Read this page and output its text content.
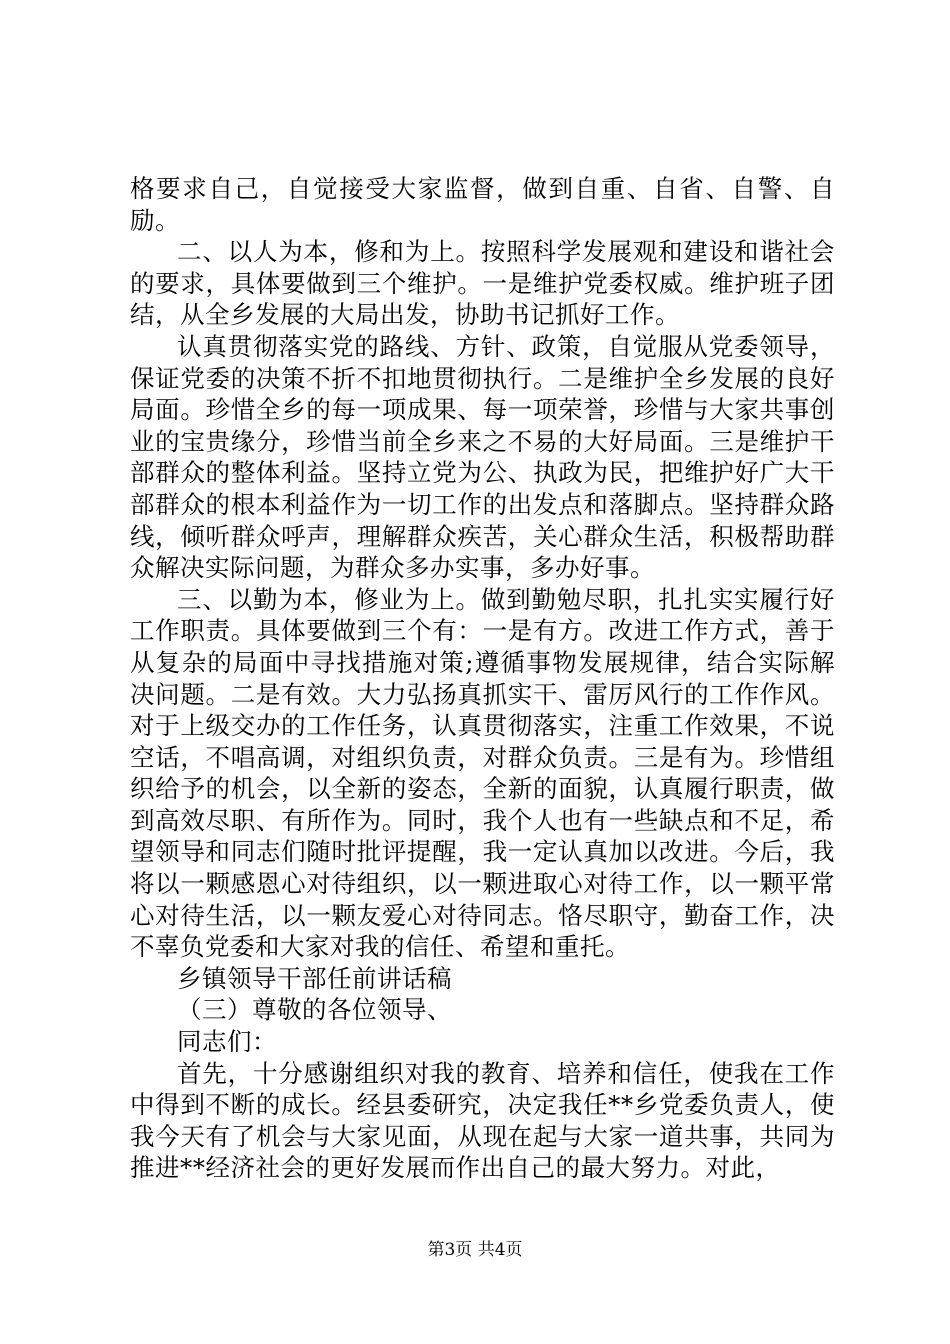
格要求自己，自觉接受大家监督，做到自重、自省、自警、自励。

二、以人为本，修和为上。按照科学发展观和建设和谐社会的要求，具体要做到三个维护。一是维护党委权威。维护班子团结，从全乡发展的大局出发，协助书记抓好工作。

认真贯彻落实党的路线、方针、政策，自觉服从党委领导，保证党委的决策不折不扣地贯彻执行。二是维护全乡发展的良好局面。珍惜全乡的每一项成果、每一项荣誉，珍惜与大家共事创业的宝贵缘分，珍惜当前全乡来之不易的大好局面。三是维护干部群众的整体利益。坚持立党为公、执政为民，把维护好广大干部群众的根本利益作为一切工作的出发点和落脚点。坚持群众路线，倾听群众呼声，理解群众疾苦，关心群众生活，积极帮助群众解决实际问题，为群众多办实事，多办好事。

三、以勤为本，修业为上。做到勤勉尽职，扎扎实实履行好工作职责。具体要做到三个有：一是有方。改进工作方式，善于从复杂的局面中寻找措施对策;遵循事物发展规律，结合实际解决问题。二是有效。大力弘扬真抓实干、雷厉风行的工作作风。对于上级交办的工作任务，认真贯彻落实，注重工作效果，不说空话，不唱高调，对组织负责，对群众负责。三是有为。珍惜组织给予的机会，以全新的姿态，全新的面貌，认真履行职责，做到高效尽职、有所作为。同时，我个人也有一些缺点和不足，希望领导和同志们随时批评提醒，我一定认真加以改进。今后，我将以一颗感恩心对待组织，以一颗进取心对待工作，以一颗平常心对待生活，以一颗友爱心对待同志。恪尽职守，勤奋工作，决不辜负党委和大家对我的信任、希望和重托。

乡镇领导干部任前讲话稿

（三）尊敬的各位领导、

同志们：

首先，十分感谢组织对我的教育、培养和信任，使我在工作中得到不断的成长。经县委研究，决定我任**乡党委负责人，使我今天有了机会与大家见面，从现在起与大家一道共事，共同为推进**经济社会的更好发展而作出自己的最大努力。对此，

第3页 共4页
